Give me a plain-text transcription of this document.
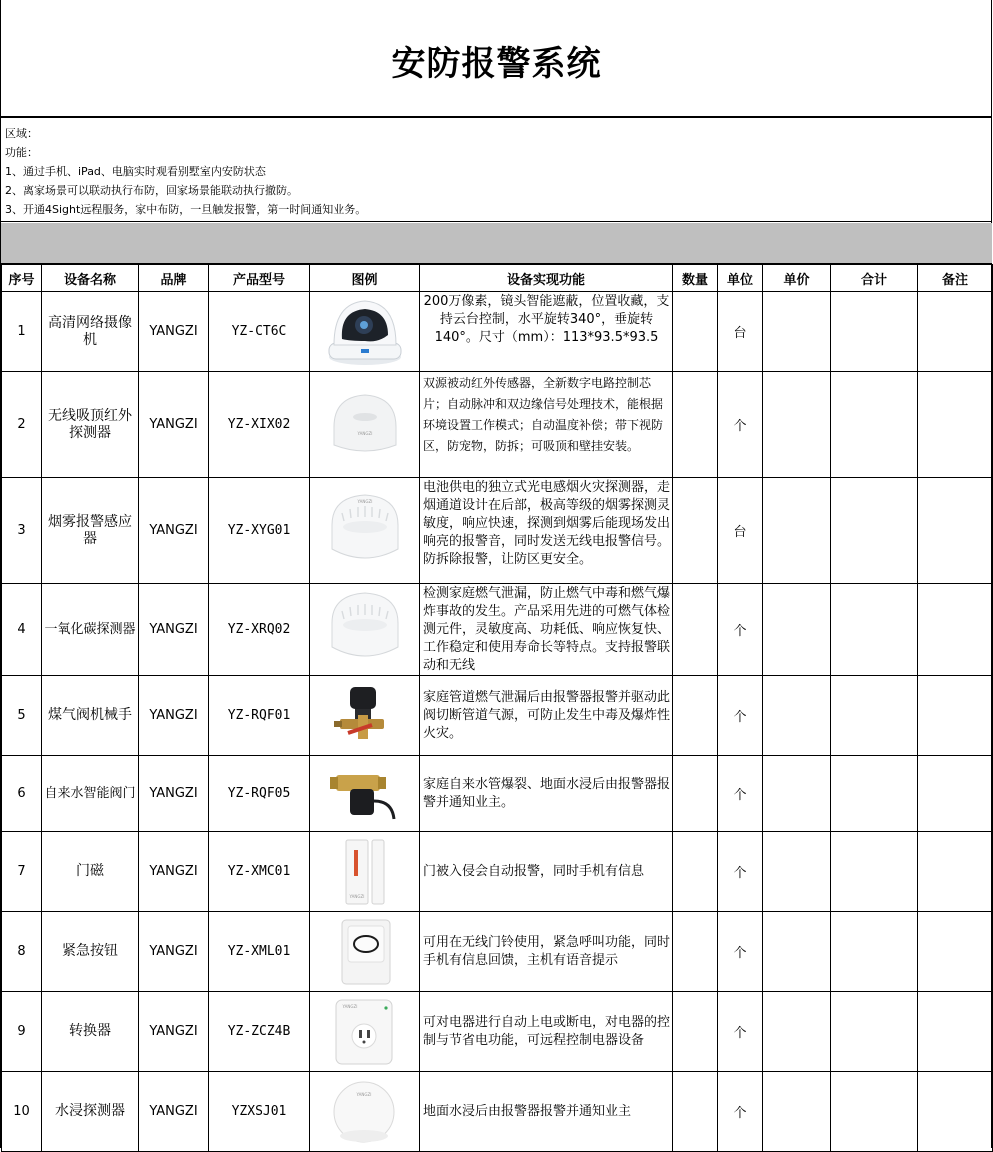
安防报警系统
区域：
功能：
1、通过手机、iPad、电脑实时观看别墅室内安防状态
2、离家场景可以联动执行布防，回家场景能联动执行撤防。
3、开通4Sight远程服务，家中布防，一旦触发报警，第一时间通知业务。
序号	设备名称	品牌	产品型号	图例	设备实现功能	数量	单位	单价	合计	备注
1	高清网络摄像机	YANGZI	YZ-CT6C		200万像素，镜头智能遮蔽，位置收藏，支持云台控制，水平旋转340°，垂旋转140°。尺寸（mm）：113*93.5*93.5		台			
2	无线吸顶红外探测器	YANGZI	YZ-XIX02	YANGZI	双源被动红外传感器，全新数字电路控制芯片；自动脉冲和双边缘信号处理技术，能根据环境设置工作模式；自动温度补偿；带下视防区，防宠物，防拆；可吸顶和壁挂安装。		个			
3	烟雾报警感应器	YANGZI	YZ-XYG01	YANGZI	电池供电的独立式光电感烟火灾探测器，走烟通道设计在后部，极高等级的烟雾探测灵敏度，响应快速，探测到烟雾后能现场发出响亮的报警音，同时发送无线电报警信号。防拆除报警，让防区更安全。		台			
4	一氧化碳探测器	YANGZI	YZ-XRQ02		检测家庭燃气泄漏，防止燃气中毒和燃气爆炸事故的发生。产品采用先进的可燃气体检测元件，灵敏度高、功耗低、响应恢复快、工作稳定和使用寿命长等特点。支持报警联动和无线		个			
5	煤气阀机械手	YANGZI	YZ-RQF01		家庭管道燃气泄漏后由报警器报警并驱动此阀切断管道气源，可防止发生中毒及爆炸性火灾。		个			
6	自来水智能阀门	YANGZI	YZ-RQF05		家庭自来水管爆裂、地面水浸后由报警器报警并通知业主。		个			
7	门磁	YANGZI	YZ-XMC01	YANGZI	门被入侵会自动报警，同时手机有信息		个			
8	紧急按钮	YANGZI	YZ-XML01		可用在无线门铃使用，紧急呼叫功能，同时手机有信息回馈，主机有语音提示		个			
9	转换器	YANGZI	YZ-ZCZ4B	YANGZI	可对电器进行自动上电或断电，对电器的控制与节省电功能，可远程控制电器设备		个			
10	水浸探测器	YANGZI	YZXSJ01	YANGZI	地面水浸后由报警器报警并通知业主		个			
